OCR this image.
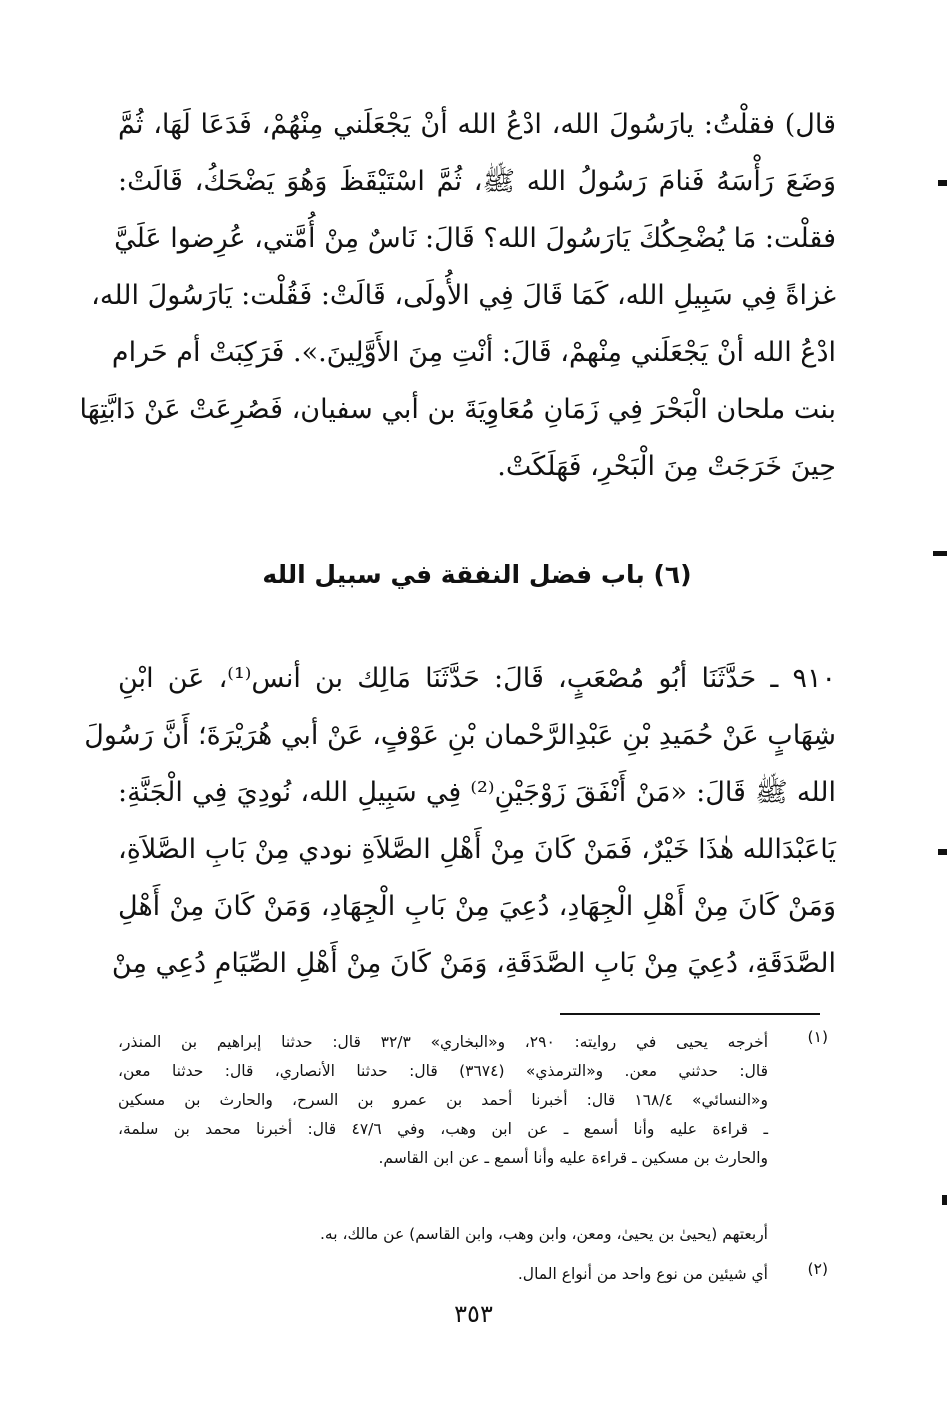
قال) فقلْتُ: يارَسُولَ الله، ادْعُ الله أنْ يَجْعَلَني مِنْهُمْ، فَدَعَا لَهَا، ثُمَّ
وَضَعَ رَأْسَهُ فَنامَ رَسُولُ الله ﷺ، ثُمَّ اسْتَيْقَظَ وَهُوَ يَضْحَكُ، قَالَتْ:
فقلْت: مَا يُضْحِكُكَ يَارَسُولَ الله؟ قَالَ: نَاسٌ مِنْ أُمَّتي، عُرِضوا عَلَيَّ
غزاةً فِي سَبِيلِ الله، كَمَا قَالَ فِي الأُولَى، قَالَتْ: فَقُلْت: يَارَسُولَ الله،
ادْعُ الله أنْ يَجْعَلَني مِنْهمْ، قَالَ: أنْتِ مِنَ الأَوَّلِينَ.». فَرَكِبَتْ أم حَرام
بنت ملحان الْبَحْرَ فِي زَمَانِ مُعَاوِيَةَ بن أبي سفيان، فَصُرِعَتْ عَنْ دَابَّتِهَا
حِينَ خَرَجَتْ مِنَ الْبَحْرِ، فَهَلَكَتْ.
(٦) باب فضل النفقة في سبيل الله
٩١٠ ـ حَدَّثَنَا أبُو مُصْعَبٍ، قَالَ: حَدَّثَنَا مَالِك بن أنس⁽¹⁾، عَن ابْنِ
شِهَابٍ عَنْ حُمَيدِ بْنِ عَبْدِالرَّحْمان بْنِ عَوْفٍ، عَنْ أبي هُرَيْرَةَ؛ أَنَّ رَسُولَ
الله ﷺ قَالَ: «مَنْ أَنْفَقَ زَوْجَيْنِ⁽²⁾ فِي سَبِيلِ الله، نُودِيَ فِي الْجَنَّةِ:
يَاعَبْدَالله هٰذَا خَيْرٌ، فَمَنْ كَانَ مِنْ أَهْلِ الصَّلاَةِ نودي مِنْ بَابِ الصَّلاَةِ،
وَمَنْ كَانَ مِنْ أَهْلِ الْجِهَادِ، دُعِيَ مِنْ بَابِ الْجِهَادِ، وَمَنْ كَانَ مِنْ أَهْلِ
الصَّدَقَةِ، دُعِيَ مِنْ بَابِ الصَّدَقَةِ، وَمَنْ كَانَ مِنْ أَهْلِ الصِّيَامِ دُعِي مِنْ
(١)
أخرجه يحيى في روايته: ٢٩٠، و«البخاري» ٣٢/٣ قال: حدثنا إبراهيم بن المنذر،
قال: حدثني معن. و«الترمذي» (٣٦٧٤) قال: حدثنا الأنصاري، قال: حدثنا معن،
و«النسائي» ١٦٨/٤ قال: أخبرنا أحمد بن عمرو بن السرح، والحارث بن مسكين
ـ قراءة عليه وأنا أسمع ـ عن ابن وهب، وفي ٤٧/٦ قال: أخبرنا محمد بن سلمة،
والحارث بن مسكين ـ قراءة عليه وأنا أسمع ـ عن ابن القاسم.
أربعتهم (يحيىٰ بن يحيىٰ، ومعن، وابن وهب، وابن القاسم) عن مالك، به.
(٢)
أي شيئين من نوع واحد من أنواع المال.
٣٥٣
